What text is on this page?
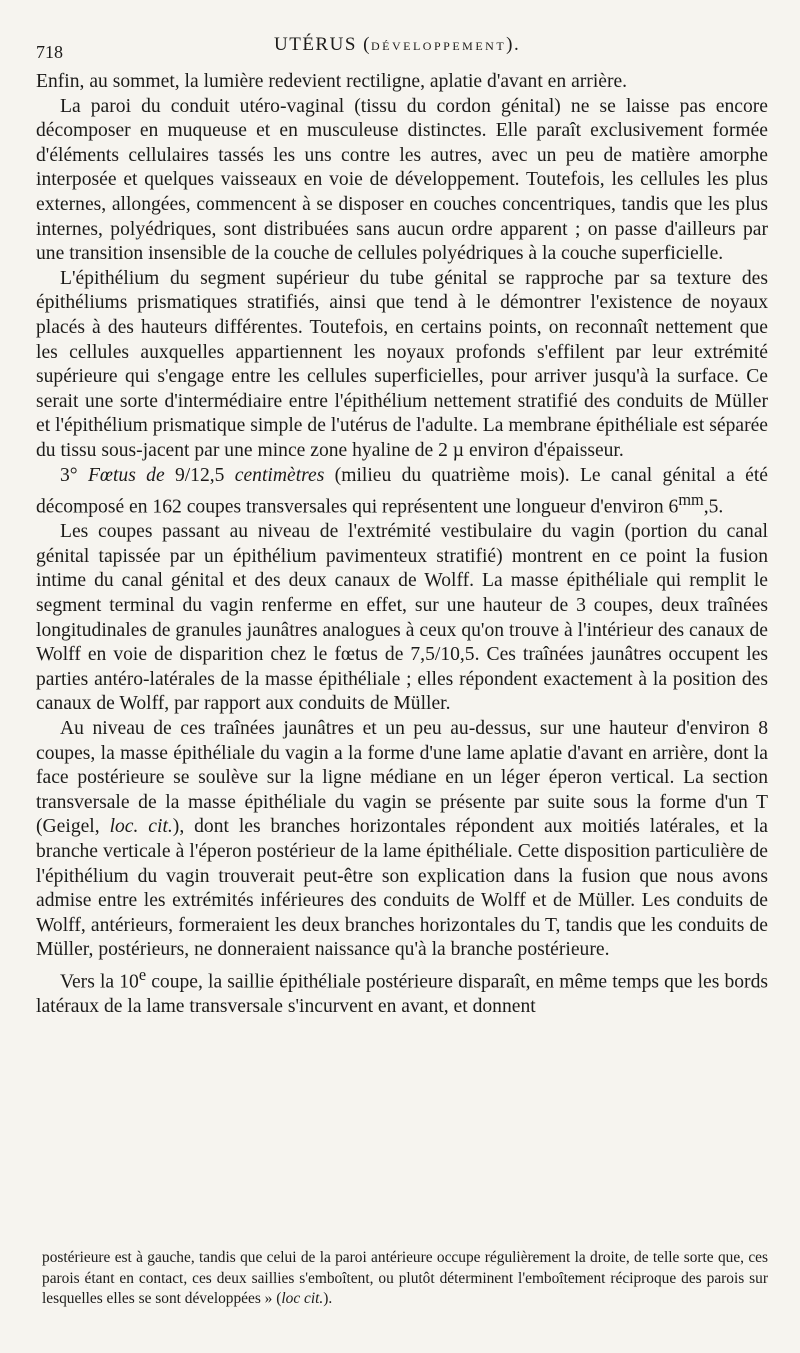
718	UTÉRUS (DÉVELOPPEMENT).

Enfin, au sommet, la lumière redevient rectiligne, aplatie d'avant en arrière.

La paroi du conduit utéro-vaginal (tissu du cordon génital) ne se laisse pas encore décomposer en muqueuse et en musculeuse distinctes. Elle paraît exclusivement formée d'éléments cellulaires tassés les uns contre les autres, avec un peu de matière amorphe interposée et quelques vaisseaux en voie de développement. Toutefois, les cellules les plus externes, allongées, commencent à se disposer en couches concentriques, tandis que les plus internes, polyédriques, sont distribuées sans aucun ordre apparent ; on passe d'ailleurs par une transition insensible de la couche de cellules polyédriques à la couche superficielle.

L'épithélium du segment supérieur du tube génital se rapproche par sa texture des épithéliums prismatiques stratifiés, ainsi que tend à le démontrer l'existence de noyaux placés à des hauteurs différentes. Toutefois, en certains points, on reconnaît nettement que les cellules auxquelles appartiennent les noyaux profonds s'effilent par leur extrémité supérieure qui s'engage entre les cellules superficielles, pour arriver jusqu'à la surface. Ce serait une sorte d'intermédiaire entre l'épithélium nettement stratifié des conduits de Müller et l'épithélium prismatique simple de l'utérus de l'adulte. La membrane épithéliale est séparée du tissu sous-jacent par une mince zone hyaline de 2 µ environ d'épaisseur.

3° Fœtus de 9/12,5 centimètres (milieu du quatrième mois). Le canal génital a été décomposé en 162 coupes transversales qui représentent une longueur d'environ $6^{mm},5$.

Les coupes passant au niveau de l'extrémité vestibulaire du vagin (portion du canal génital tapissée par un épithélium pavimenteux stratifié) montrent en ce point la fusion intime du canal génital et des deux canaux de Wolff. La masse épithéliale qui remplit le segment terminal du vagin renferme en effet, sur une hauteur de 3 coupes, deux traînées longitudinales de granules jaunâtres analogues à ceux qu'on trouve à l'intérieur des canaux de Wolff en voie de disparition chez le fœtus de 7,5/10,5. Ces traînées jaunâtres occupent les parties antéro-latérales de la masse épithéliale ; elles répondent exactement à la position des canaux de Wolff, par rapport aux conduits de Müller.

Au niveau de ces traînées jaunâtres et un peu au-dessus, sur une hauteur d'environ 8 coupes, la masse épithéliale du vagin a la forme d'une lame aplatie d'avant en arrière, dont la face postérieure se soulève sur la ligne médiane en un léger éperon vertical. La section transversale de la masse épithéliale du vagin se présente par suite sous la forme d'un T (Geigel, loc. cit.), dont les branches horizontales répondent aux moitiés latérales, et la branche verticale à l'éperon postérieur de la lame épithéliale. Cette disposition particulière de l'épithélium du vagin trouverait peut-être son explication dans la fusion que nous avons admise entre les extrémités inférieures des conduits de Wolff et de Müller. Les conduits de Wolff, antérieurs, formeraient les deux branches horizontales du T, tandis que les conduits de Müller, postérieurs, ne donneraient naissance qu'à la branche postérieure.

Vers la 10e coupe, la saillie épithéliale postérieure disparaît, en même temps que les bords latéraux de la lame transversale s'incurvent en avant, et donnent

postérieure est à gauche, tandis que celui de la paroi antérieure occupe régulièrement la droite, de telle sorte que, ces parois étant en contact, ces deux saillies s'emboîtent, ou plutôt déterminent l'emboîtement réciproque des parois sur lesquelles elles se sont développées » (loc cit.).
